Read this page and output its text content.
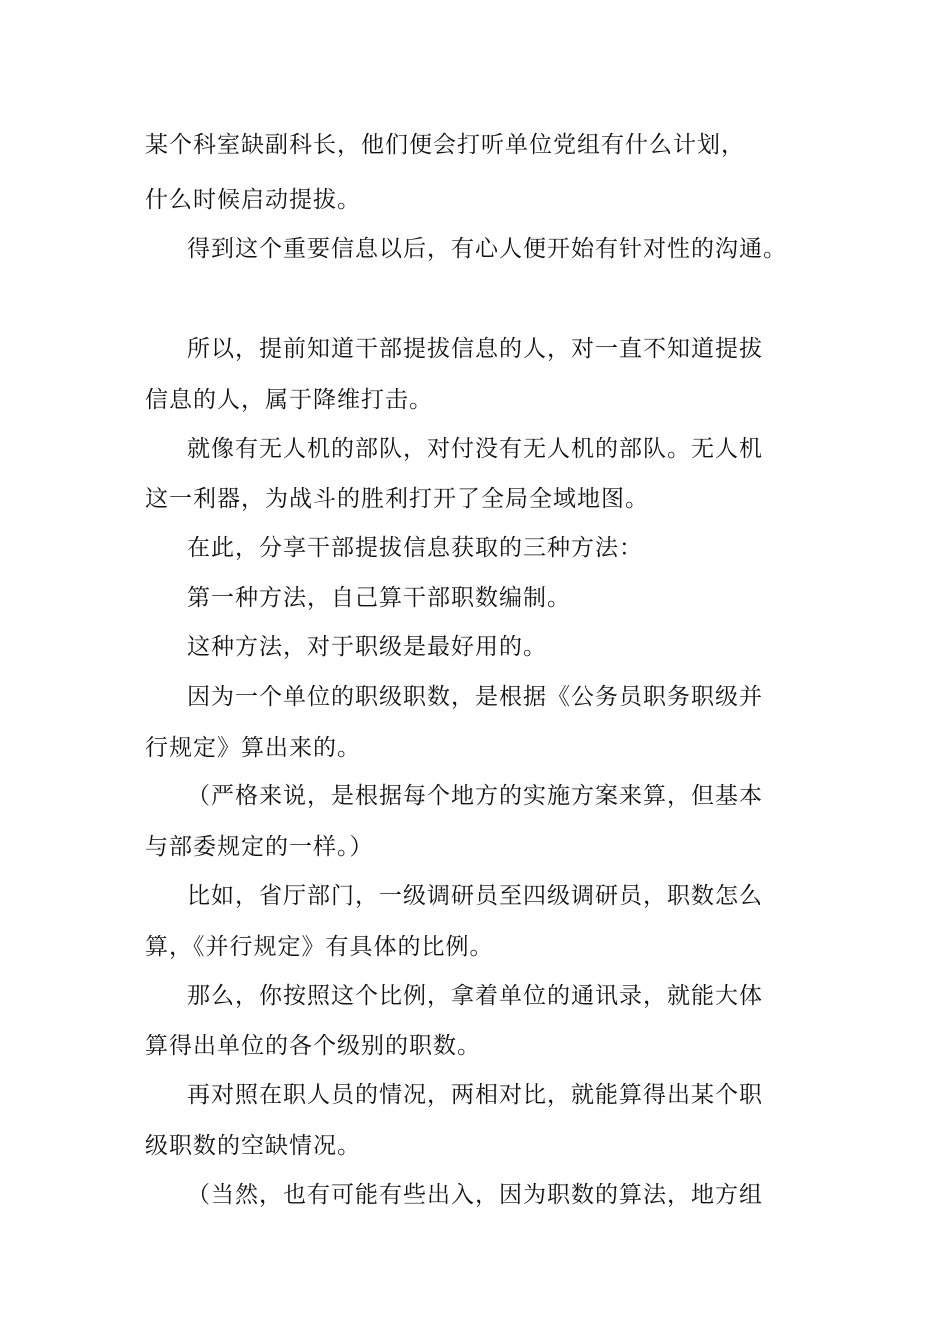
某个科室缺副科长，他们便会打听单位党组有什么计划，
什么时候启动提拔。
得到这个重要信息以后，有心人便开始有针对性的沟通。
所以，提前知道干部提拔信息的人，对一直不知道提拔
信息的人，属于降维打击。
就像有无人机的部队，对付没有无人机的部队。无人机
这一利器，为战斗的胜利打开了全局全域地图。
在此，分享干部提拔信息获取的三种方法：
第一种方法，自己算干部职数编制。
这种方法，对于职级是最好用的。
因为一个单位的职级职数，是根据《公务员职务职级并
行规定》算出来的。
（严格来说，是根据每个地方的实施方案来算，但基本
与部委规定的一样。）
比如，省厅部门，一级调研员至四级调研员，职数怎么
算，《并行规定》有具体的比例。
那么，你按照这个比例，拿着单位的通讯录，就能大体
算得出单位的各个级别的职数。
再对照在职人员的情况，两相对比，就能算得出某个职
级职数的空缺情况。
（当然，也有可能有些出入，因为职数的算法，地方组
